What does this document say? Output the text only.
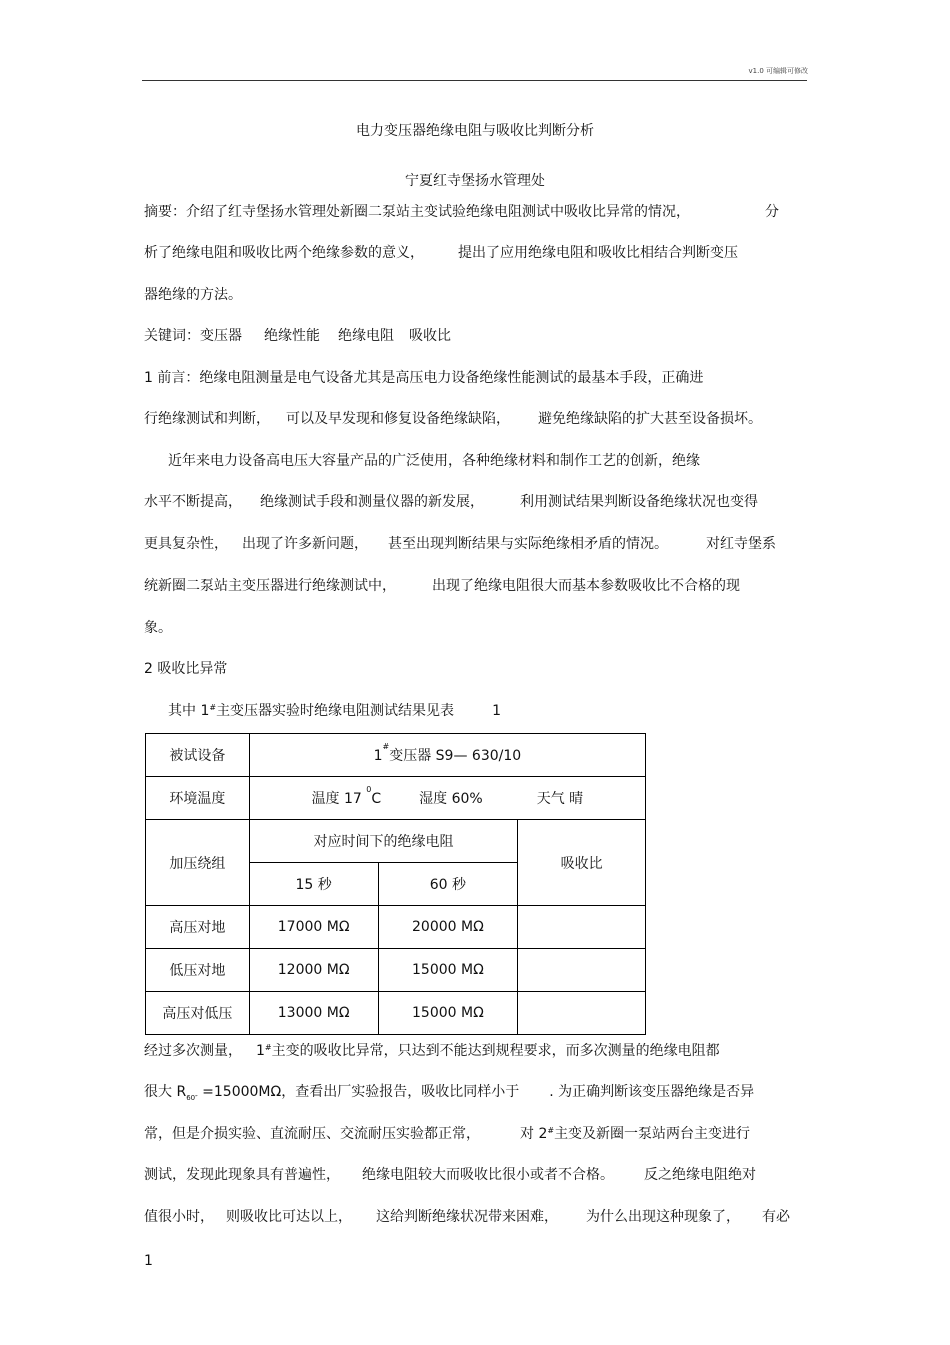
v1.0 可编辑可修改
电力变压器绝缘电阻与吸收比判断分析
宁夏红寺堡扬水管理处
摘要：介绍了红寺堡扬水管理处新圈二泵站主变试验绝缘电阻测试中吸收比异常的情况，	分
析了绝缘电阻和吸收比两个绝缘参数的意义， 提出了应用绝缘电阻和吸收比相结合判断变压
器绝缘的方法。
关键词：变压器 绝缘性能 绝缘电阻 吸收比
1 前言：绝缘电阻测量是电气设备尤其是高压电力设备绝缘性能测试的最基本手段，正确进
行绝缘测试和判断， 可以及早发现和修复设备绝缘缺陷， 避免绝缘缺陷的扩大甚至设备损坏。
近年来电力设备高电压大容量产品的广泛使用，各种绝缘材料和制作工艺的创新，绝缘
水平不断提高， 绝缘测试手段和测量仪器的新发展，	利用测试结果判断设备绝缘状况也变得
更具复杂性， 出现了许多新问题， 甚至出现判断结果与实际绝缘相矛盾的情况。	对红寺堡系
统新圈二泵站主变压器进行绝缘测试中，	出现了绝缘电阻很大而基本参数吸收比不合格的现
象。
2 吸收比异常
其中 1#主变压器实验时绝缘电阻测试结果见表	1
被试设备	1#变压器 S9— 630/10		
环境温度	温度 17 $^0$C 湿度 60% 天气 晴		
加压绕组	对应时间下的绝缘电阻		吸收比
	15 秒	60 秒	
高压对地	17000 MΩ	20000 MΩ	
低压对地	12000 MΩ	15000 MΩ	
高压对低压	13000 MΩ	15000 MΩ	
经过多次测量， 1#主变的吸收比异常，只达到不能达到规程要求，而多次测量的绝缘电阻都
很大 $R_{60''} =15000M\Omega$，查看出厂实验报告，吸收比同样小于 . 为正确判断该变压器绝缘是否异
常，但是介损实验、直流耐压、交流耐压实验都正常，	对 2#主变及新圈一泵站两台主变进行
测试，发现此现象具有普遍性， 绝缘电阻较大而吸收比很小或者不合格。 反之绝缘电阻绝对
值很小时， 则吸收比可达以上， 这给判断绝缘状况带来困难， 为什么出现这种现象了， 有必
1
